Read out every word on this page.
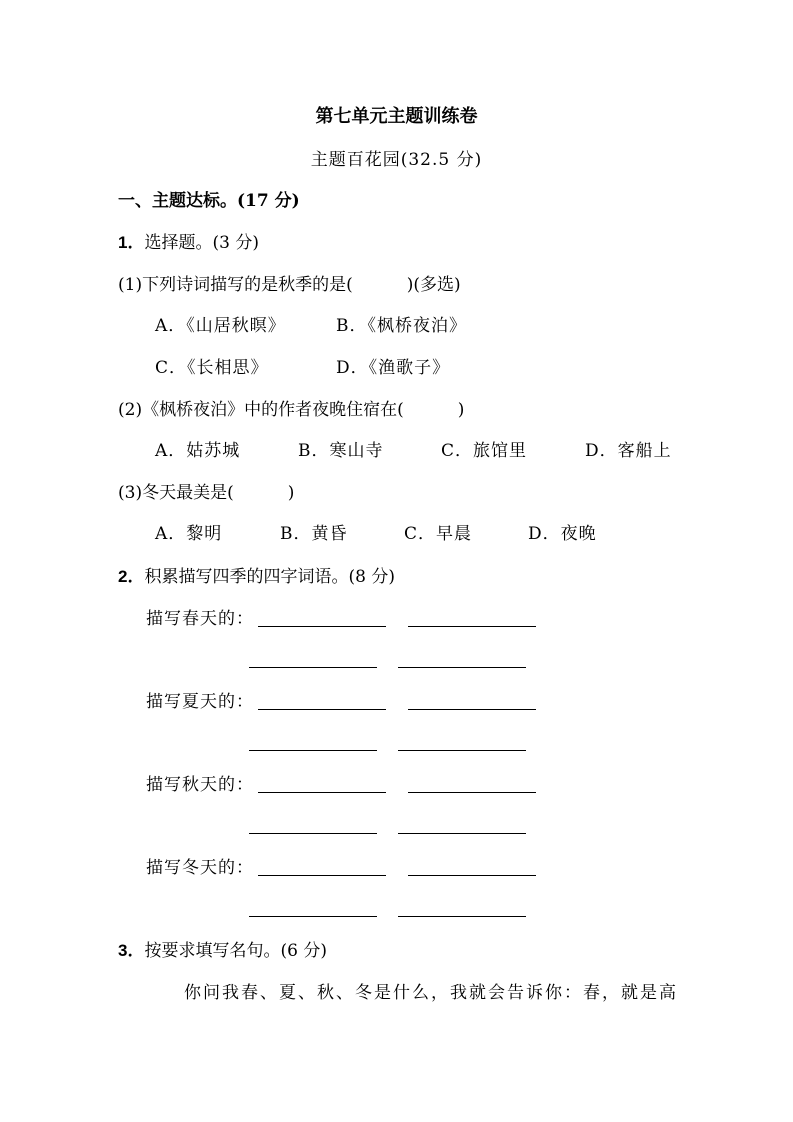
第七单元主题训练卷
主题百花园(32.5 分)
一、主题达标。(17 分)
1．选择题。(3 分)
(1)下列诗词描写的是秋季的是(	)(多选)
A．《山居秋暝》	B．《枫桥夜泊》
C．《长相思》	D．《渔歌子》
(2)《枫桥夜泊》中的作者夜晚住宿在(	)
A．姑苏城	B．寒山寺	C．旅馆里	D．客船上
(3)冬天最美是(	)
A．黎明	B．黄昏	C．早晨	D．夜晚
2．积累描写四季的四字词语。(8 分)
描写春天的：
描写夏天的：
描写秋天的：
描写冬天的：
3．按要求填写名句。(6 分)
你问我春、夏、秋、冬是什么，我就会告诉你：春，就是高
